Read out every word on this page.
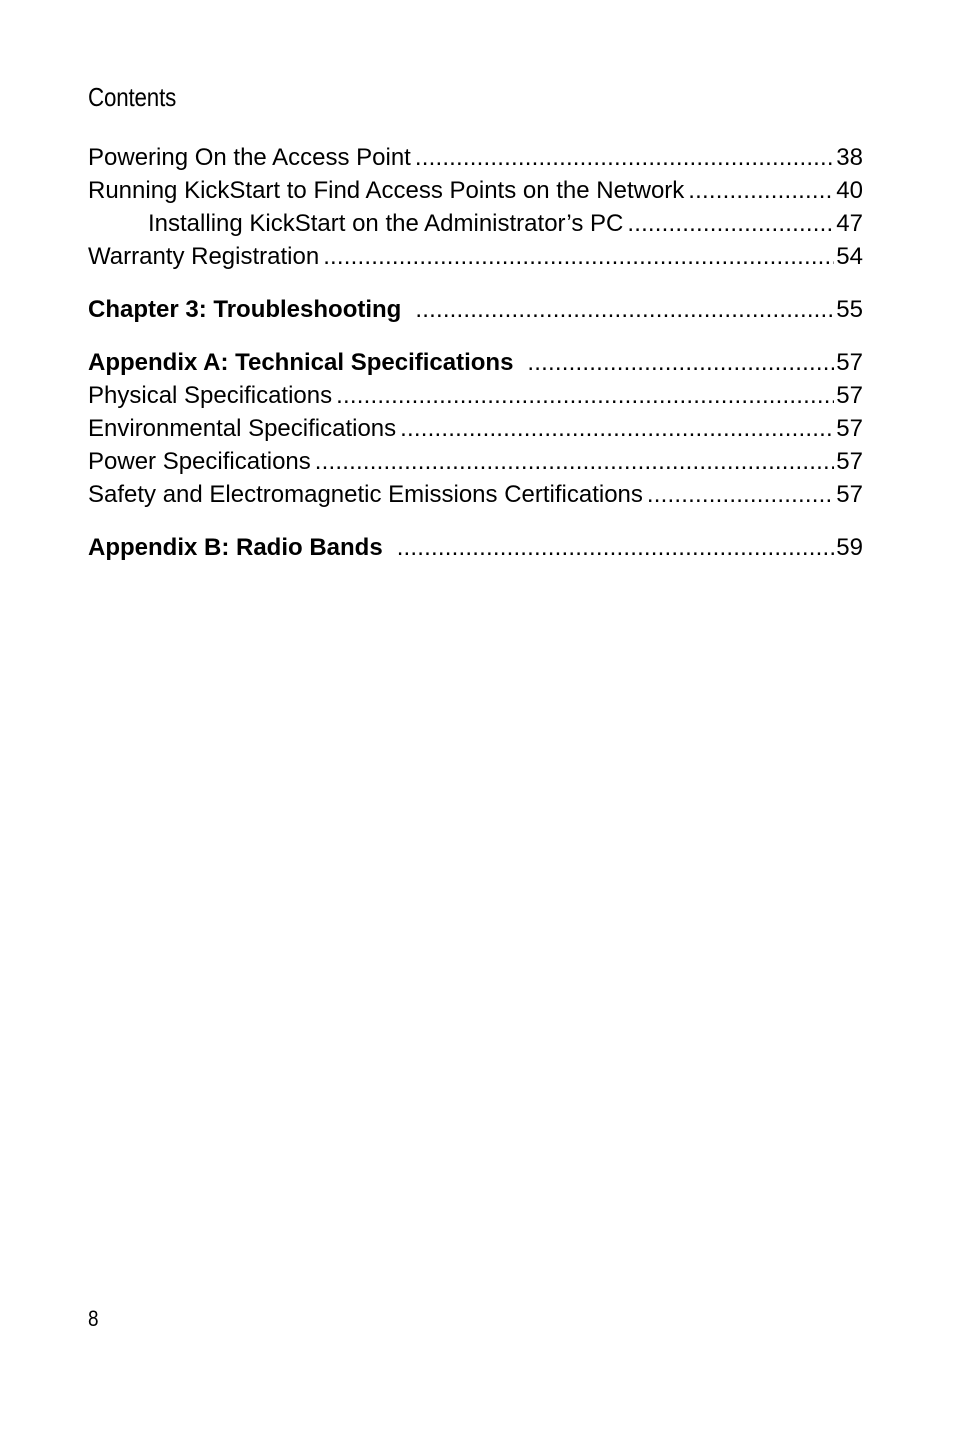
Contents
Powering On the Access Point .....	38
Running KickStart to Find Access Points on the Network .....	40
Installing KickStart on the Administrator’s PC .....	47
Warranty Registration .....	54
Chapter 3: Troubleshooting .....	55
Appendix A: Technical Specifications .....	57
Physical Specifications .....	57
Environmental Specifications .....	57
Power Specifications .....	57
Safety and Electromagnetic Emissions Certifications .....	57
Appendix B: Radio Bands .....	59
8
